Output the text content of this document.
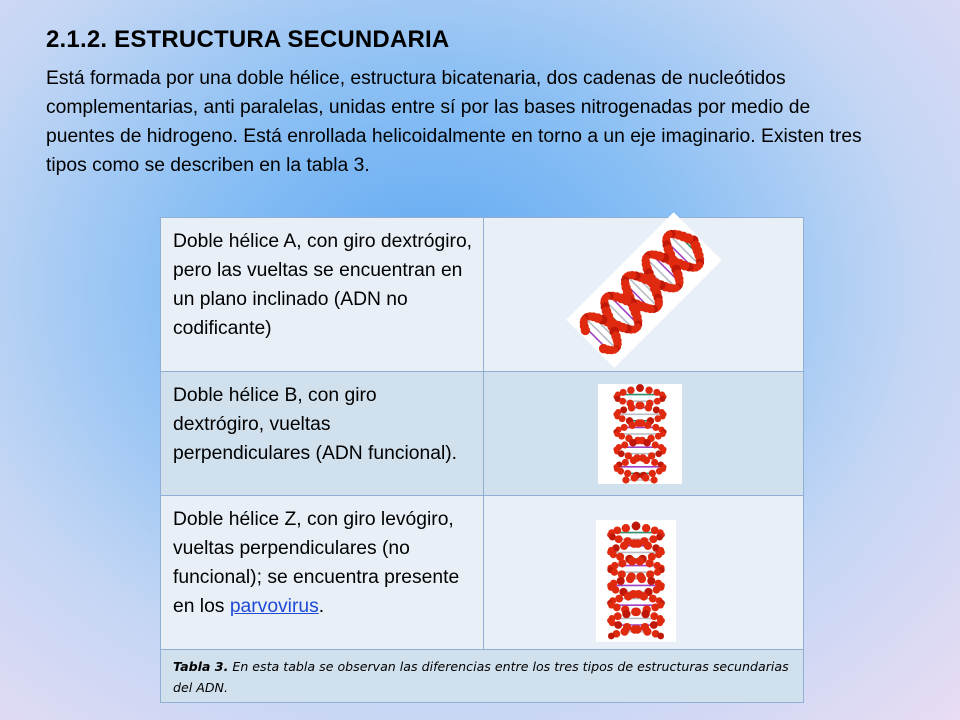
2.1.2. ESTRUCTURA SECUNDARIA
Está formada por una doble hélice, estructura bicatenaria, dos cadenas de nucleótidos complementarias, anti paralelas, unidas entre sí por las bases nitrogenadas por medio de puentes de hidrogeno. Está enrollada helicoidalmente en torno a un eje imaginario. Existen tres tipos como se describen en la tabla 3.
Doble hélice A, con giro dextrógiro, pero las vueltas se encuentran en un plano inclinado (ADN no codificante)

Doble hélice B, con giro dextrógiro, vueltas perpendiculares (ADN funcional).

Doble hélice Z, con giro levógiro, vueltas perpendiculares (no funcional); se encuentra presente en los parvovirus.

Tabla 3. En esta tabla se observan las diferencias entre los tres tipos de estructuras secundarias del ADN.	
